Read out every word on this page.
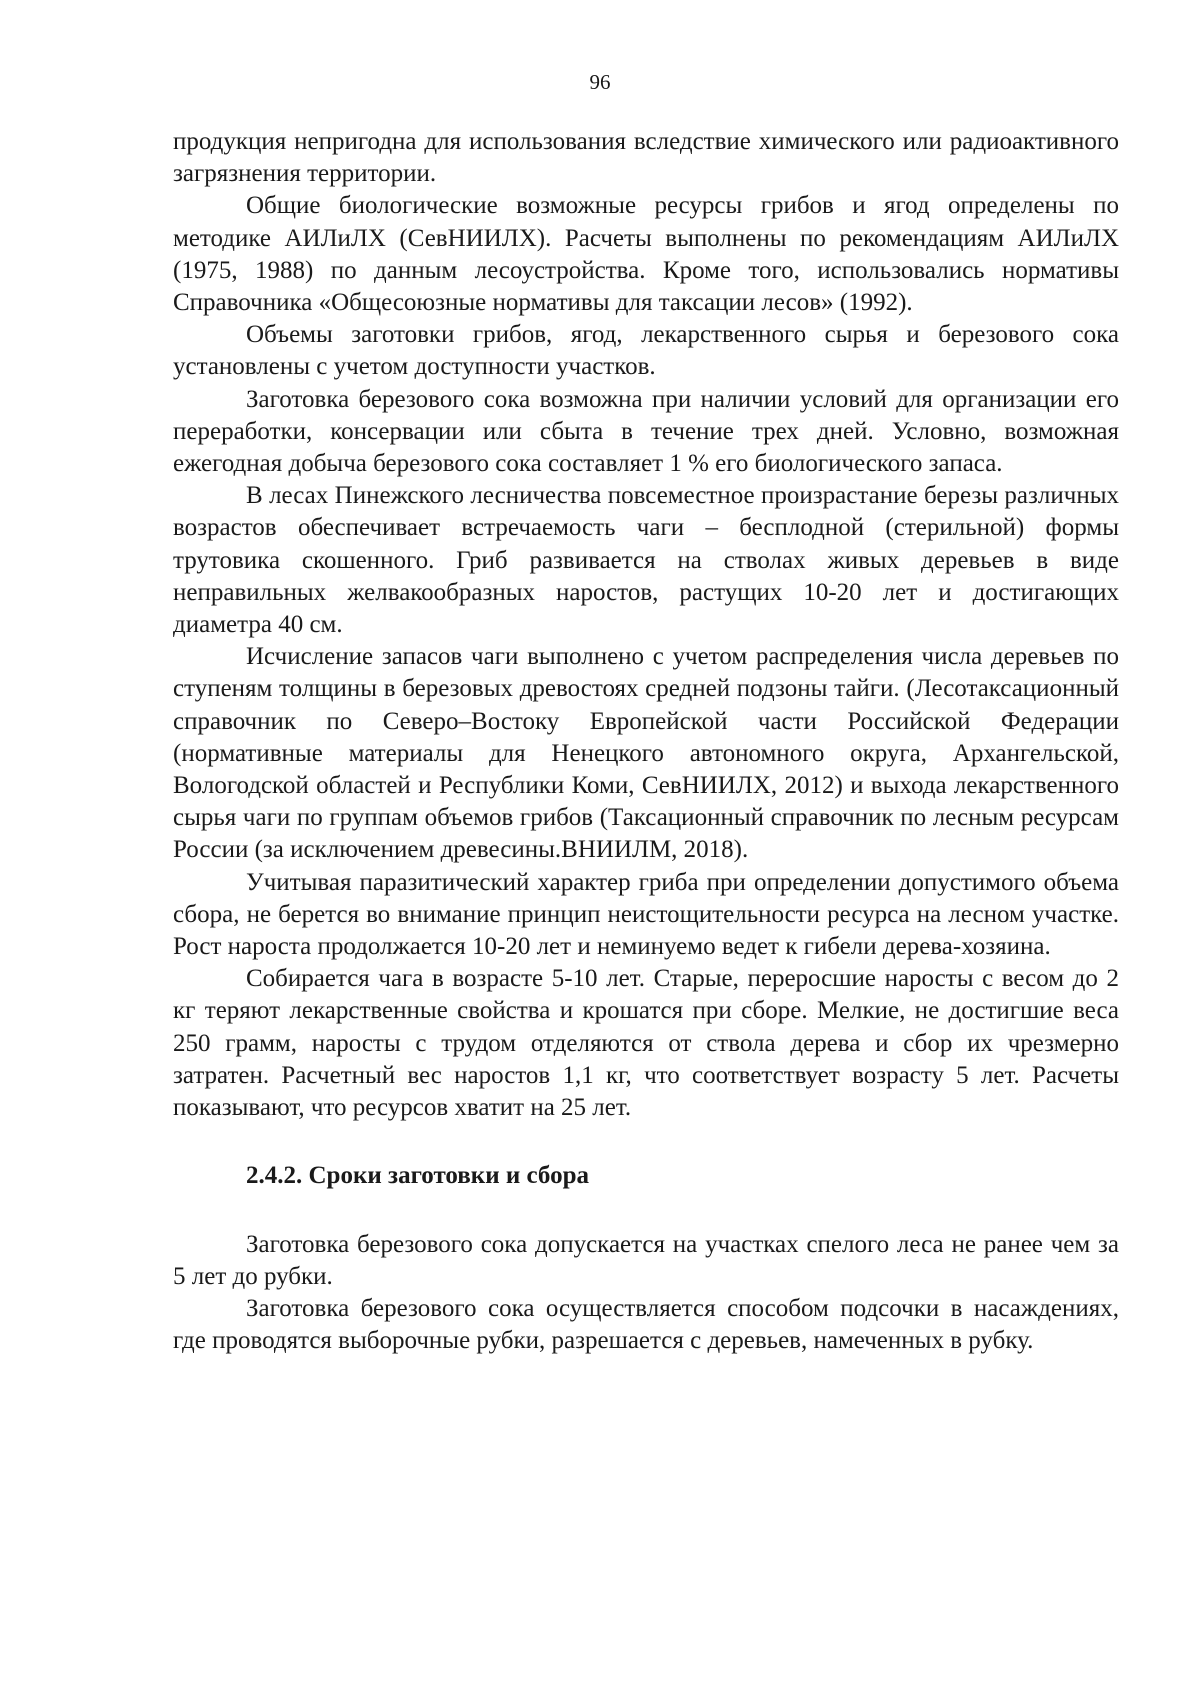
96

продукция непригодна для использования вследствие химического или радиоактивного загрязнения территории.

Общие биологические возможные ресурсы грибов и ягод определены по методике АИЛиЛХ (СевНИИЛХ). Расчеты выполнены по рекомендациям АИЛиЛХ (1975, 1988) по данным лесоустройства. Кроме того, использовались нормативы Справочника «Общесоюзные нормативы для таксации лесов» (1992).

Объемы заготовки грибов, ягод, лекарственного сырья и березового сока установлены с учетом доступности участков.

Заготовка березового сока возможна при наличии условий для организации его переработки, консервации или сбыта в течение трех дней. Условно, возможная ежегодная добыча березового сока составляет 1 % его биологического запаса.

В лесах Пинежского лесничества повсеместное произрастание березы различных возрастов обеспечивает встречаемость чаги – бесплодной (стерильной) формы трутовика скошенного. Гриб развивается на стволах живых деревьев в виде неправильных желвакообразных наростов, растущих 10-20 лет и достигающих диаметра 40 см.

Исчисление запасов чаги выполнено с учетом распределения числа деревьев по ступеням толщины в березовых древостоях средней подзоны тайги. (Лесотаксационный справочник по Северо–Востоку Европейской части Российской Федерации (нормативные материалы для Ненецкого автономного округа, Архангельской, Вологодской областей и Республики Коми, СевНИИЛХ, 2012) и выхода лекарственного сырья чаги по группам объемов грибов (Таксационный справочник по лесным ресурсам России (за исключением древесины.ВНИИЛМ, 2018).

Учитывая паразитический характер гриба при определении допустимого объема сбора, не берется во внимание принцип неистощительности ресурса на лесном участке. Рост нароста продолжается 10-20 лет и неминуемо ведет к гибели дерева-хозяина.

Собирается чага в возрасте 5-10 лет. Старые, переросшие наросты с весом до 2 кг теряют лекарственные свойства и крошатся при сборе. Мелкие, не достигшие веса 250 грамм, наросты с трудом отделяются от ствола дерева и сбор их чрезмерно затратен. Расчетный вес наростов 1,1 кг, что соответствует возрасту 5 лет. Расчеты показывают, что ресурсов хватит на 25 лет.

2.4.2. Сроки заготовки и сбора

Заготовка березового сока допускается на участках спелого леса не ранее чем за 5 лет до рубки.

Заготовка березового сока осуществляется способом подсочки в насаждениях, где проводятся выборочные рубки, разрешается с деревьев, намеченных в рубку.
